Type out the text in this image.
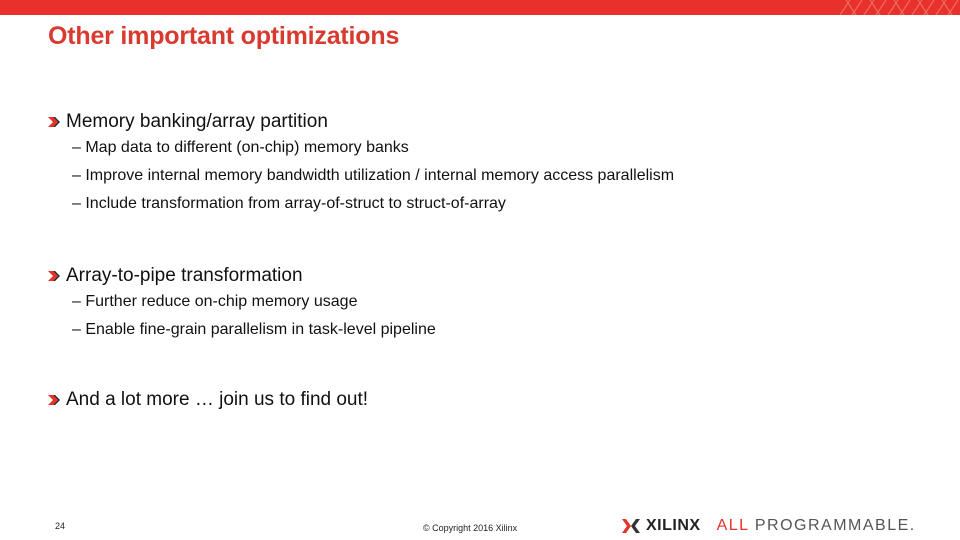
Other important optimizations
Memory banking/array partition
– Map data to different (on-chip) memory banks
– Improve internal memory bandwidth utilization / internal memory access parallelism
– Include transformation from array-of-struct to struct-of-array
Array-to-pipe transformation
– Further reduce on-chip memory usage
– Enable fine-grain parallelism in task-level pipeline
And a lot more … join us to find out!
24	© Copyright 2016 Xilinx	XILINX ALL PROGRAMMABLE.
